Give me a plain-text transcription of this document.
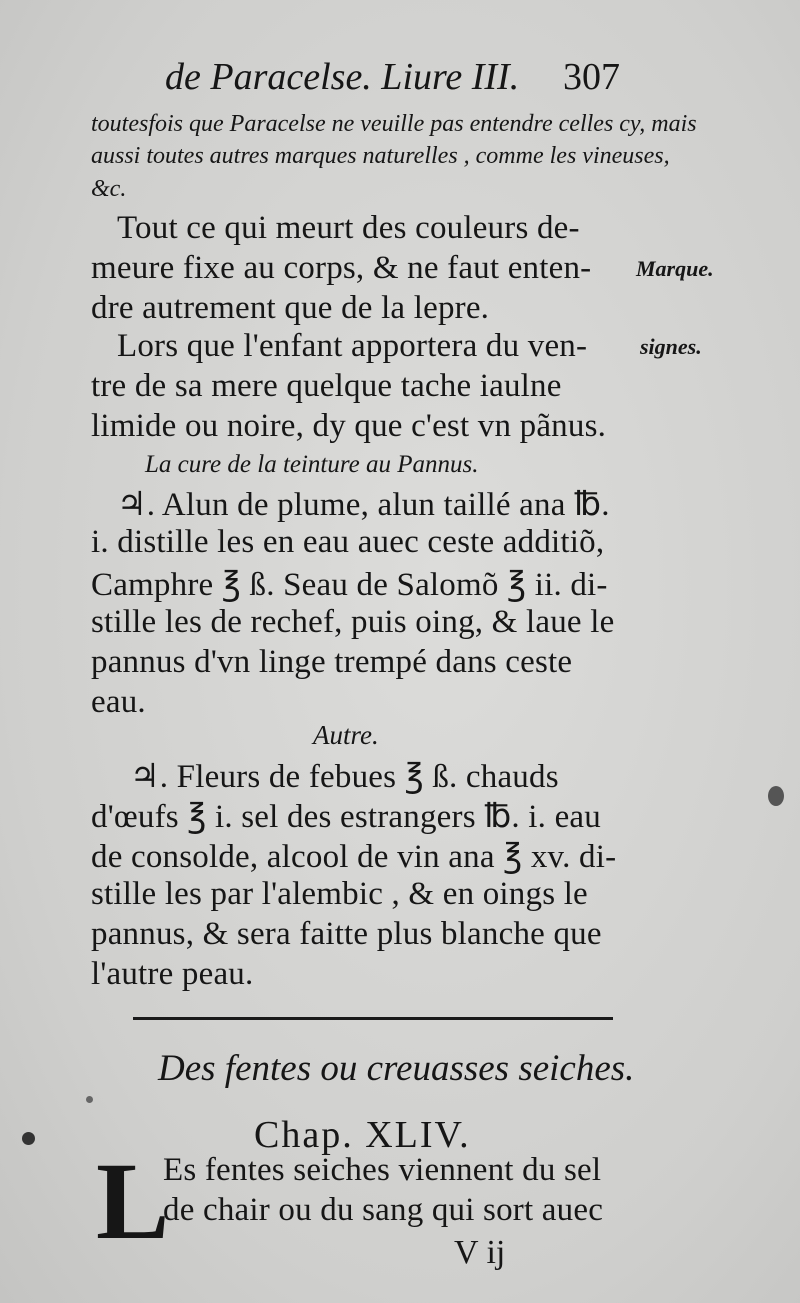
de Paracelse. Liure III. 307
toutesfois que Paracelse ne veuille pas entendre celles cy, mais
aussi toutes autres marques naturelles , comme les vineuses,
&c.
Tout ce qui meurt des couleurs de-
meure fixe au corps, & ne faut enten-
dre autrement que de la lepre.
Marque.
Lors que l'enfant apportera du ven-
tre de sa mere quelque tache iaulne
limide ou noire, dy que c'est vn pãnus.
signes.
La cure de la teinture au Pannus.
♃. Alun de plume, alun taillé ana ℔.
i. distille les en eau auec ceste additiõ,
Camphre ℥ ß. Seau de Salomõ ℥ ii. di-
stille les de rechef, puis oing, & laue le
pannus d'vn linge trempé dans ceste
eau.
Autre.
♃. Fleurs de febues ℥ ß. chauds
d'œufs ℥ i. sel des estrangers ℔. i. eau
de consolde, alcool de vin ana ℥ xv. di-
stille les par l'alembic , & en oings le
pannus, & sera faitte plus blanche que
l'autre peau.
Des fentes ou creuasses seiches.
Chap. XLIV.
L
Es fentes seiches viennent du sel
de chair ou du sang qui sort auec
V ij
